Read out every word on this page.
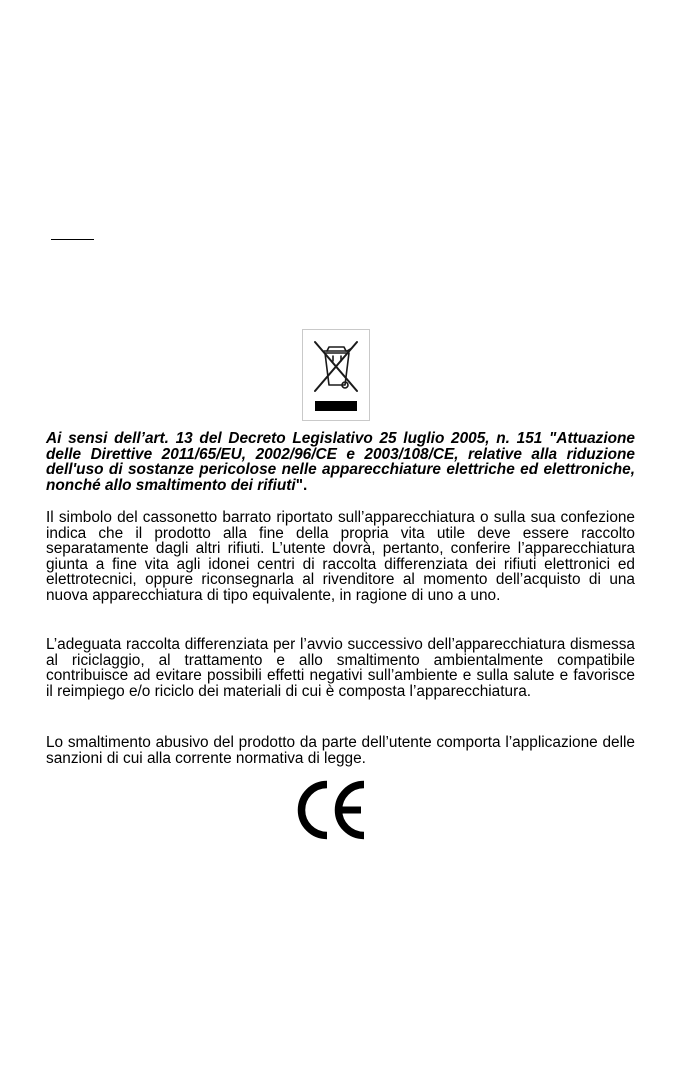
Ai sensi dell’art. 13 del Decreto Legislativo 25 luglio 2005, n. 151 "Attuazione delle Direttive 2011/65/EU, 2002/96/CE e 2003/108/CE, relative alla riduzione dell'uso di sostanze pericolose nelle apparecchiature elettriche ed elettroniche, nonché allo smaltimento dei rifiuti".

Il simbolo del cassonetto barrato riportato sull’apparecchiatura o sulla sua confezione indica che il prodotto alla fine della propria vita utile deve essere raccolto separatamente dagli altri rifiuti. L’utente dovrà, pertanto, conferire l’apparecchiatura giunta a fine vita agli idonei centri di raccolta differenziata dei rifiuti elettronici ed elettrotecnici, oppure riconsegnarla al rivenditore al momento dell’acquisto di una nuova apparecchiatura di tipo equivalente, in ragione di uno a uno.

L’adeguata raccolta differenziata per l’avvio successivo dell’apparecchiatura dismessa al riciclaggio, al trattamento e allo smaltimento ambientalmente compatibile contribuisce ad evitare possibili effetti negativi sull’ambiente e sulla salute e favorisce il reimpiego e/o riciclo dei materiali di cui è composta l’apparecchiatura.

Lo smaltimento abusivo del prodotto da parte dell’utente comporta l’applicazione delle sanzioni di cui alla corrente normativa di legge.
